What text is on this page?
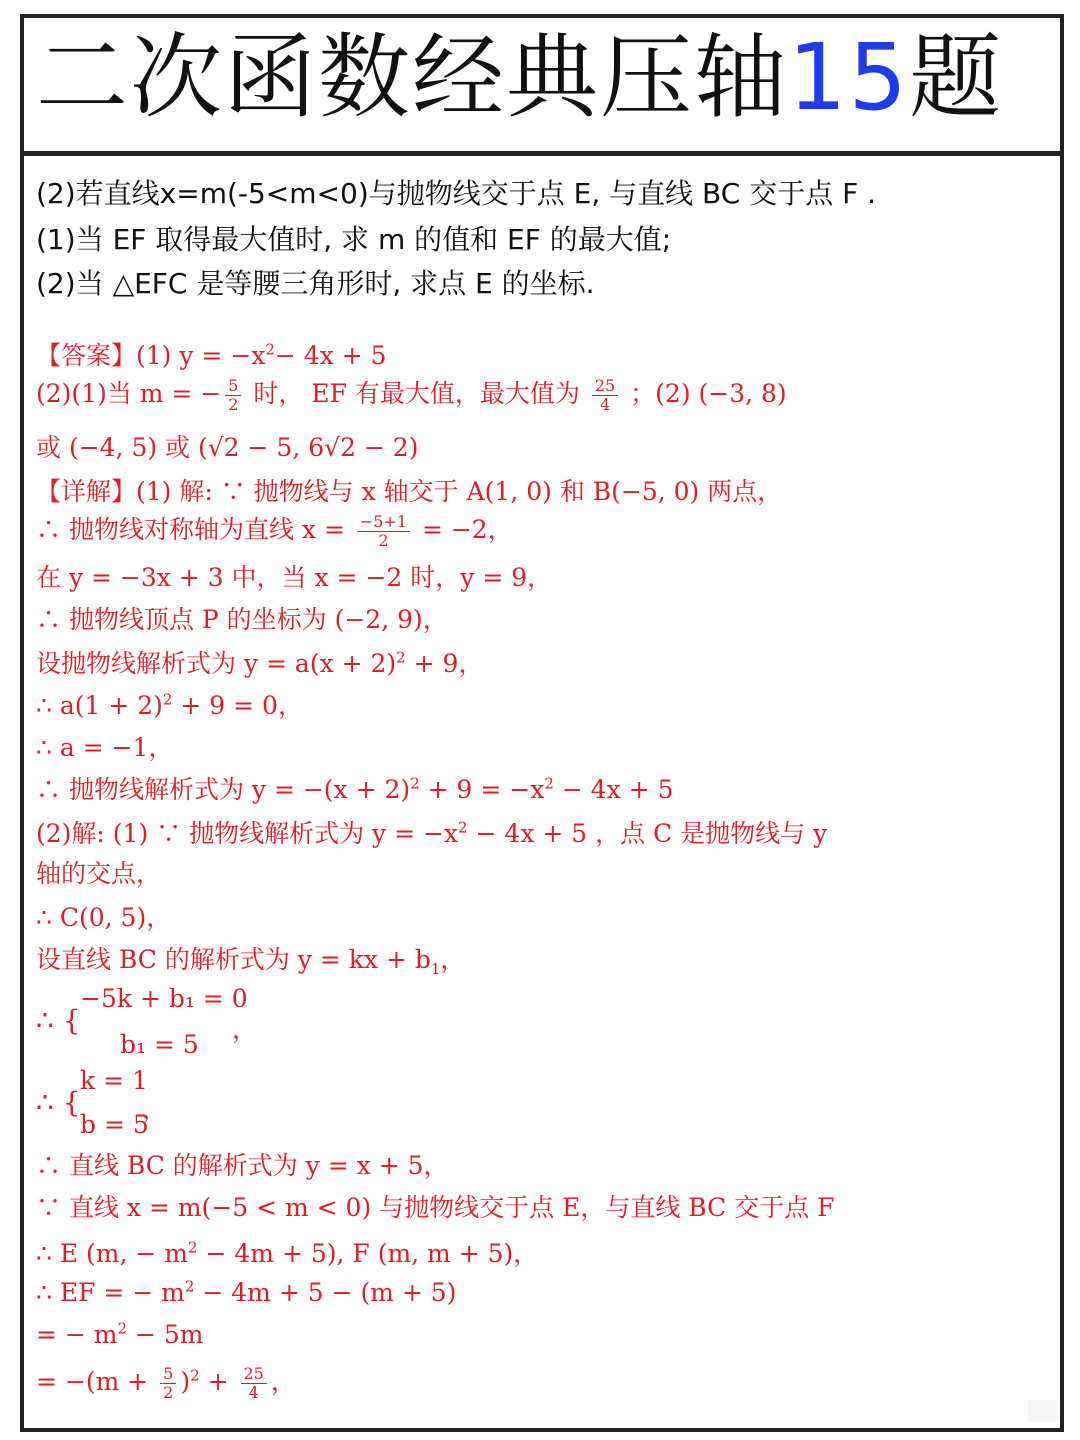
二次函数经典压轴15题
(2)若直线x=m(-5<m<0)与抛物线交于点 E, 与直线 BC 交于点 F .
(1)当 EF 取得最大值时, 求 m 的值和 EF 的最大值;
(2)当 △EFC 是等腰三角形时, 求点 E 的坐标.
【答案】(1) $y = -x^2- 4x + 5$
(2)(1)当 m = − $\frac{5}{2}$ 时， EF 有最大值，最大值为 $\frac{25}{4}$ ；(2) (−3, 8)
或 (−4, 5) 或 (√2 − 5, 6√2 − 2)
【详解】(1) 解: ∵ 抛物线与 x 轴交于 A(1, 0) 和 B(−5, 0) 两点，
∴ 抛物线对称轴为直线 $x = \frac{-5+1}{2} = -2$，
在 y = −3x + 3 中，当 x = −2 时，y = 9，
∴ 抛物线顶点 P 的坐标为 (−2, 9)，
设抛物线解析式为 $y = a(x + 2)^2 + 9$，
∴ $a(1 + 2)^2 + 9 = 0$，
∴ a = −1，
∴ 抛物线解析式为 $y = -(x + 2)^2 + 9 = -x^2 - 4x + 5$
(2)解: (1) ∵ 抛物线解析式为 $y = -x^2 - 4x + 5$ ，点 C 是抛物线与 y
轴的交点，
∴ C(0, 5)，
设直线 BC 的解析式为 y = kx + $b_1$，
∴ {
−5k + b₁ = 0
，
b₁ = 5
∴ {
k = 1
，
b = 5
∴ 直线 BC 的解析式为 y = x + 5，
∵ 直线 x = m(−5 < m < 0) 与抛物线交于点 E，与直线 BC 交于点 F
∴ E (m, − $m^2 - 4m + 5$), F (m, m + 5)，
∴ EF = − $m^2 - 4m + 5 - (m + 5)$
= − $m^2 - 5m$
= $-(m + \frac{5}{2} )^2 + \frac{25}{4}$ ，
